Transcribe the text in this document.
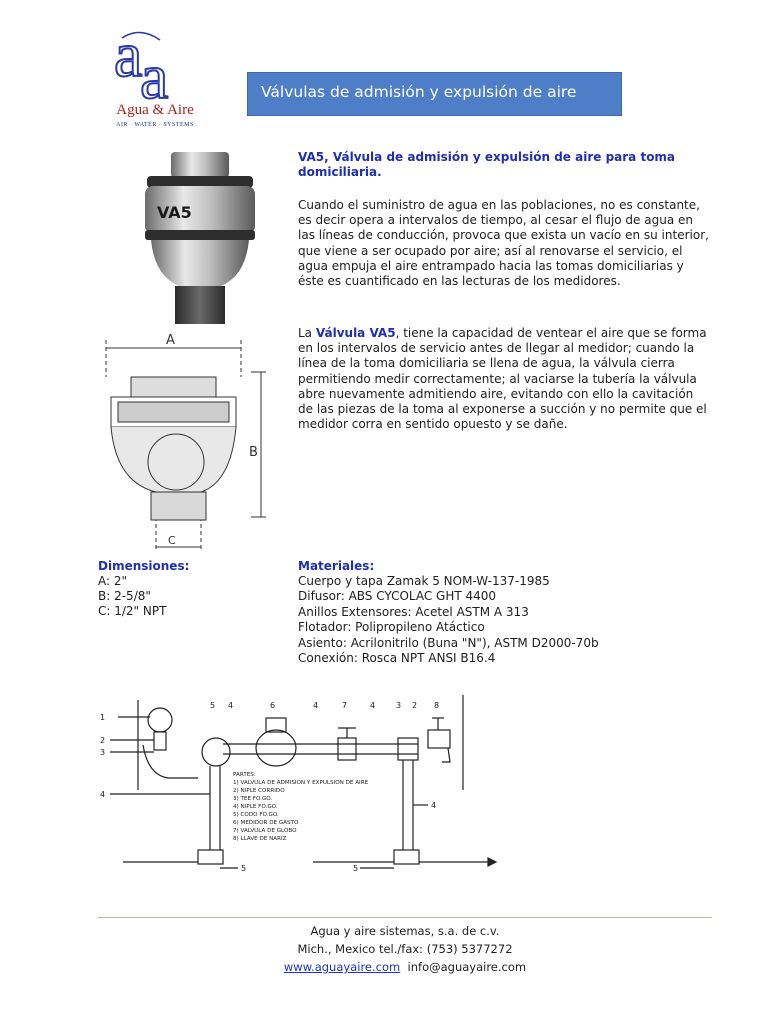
a
a
Agua & Aire
AIR · WATER · SYSTEMS
Válvulas de admisión y expulsión de aire
VA5
A
B
C
VA5, Válvula de admisión y expulsión de aire para toma domiciliaria.
Cuando el suministro de agua en las poblaciones, no es constante, es decir opera a intervalos de tiempo, al cesar el flujo de agua en las líneas de conducción, provoca que exista un vacío en su interior, que viene a ser ocupado por aire; así al renovarse el servicio, el agua empuja el aire entrampado hacia las tomas domiciliarias y éste es cuantificado en las lecturas de los medidores.
La Válvula VA5, tiene la capacidad de ventear el aire que se forma en los intervalos de servicio antes de llegar al medidor; cuando la línea de la toma domiciliaria se llena de agua, la válvula cierra permitiendo medir correctamente; al vaciarse la tubería la válvula abre nuevamente admitiendo aire, evitando con ello la cavitación de las piezas de la toma al exponerse a succión y no permite que el medidor corra en sentido opuesto y se dañe.
Dimensiones:
A: 2"
B: 2-5/8"
C: 1/2" NPT
Materiales:
Cuerpo y tapa Zamak 5 NOM-W-137-1985
Difusor: ABS CYCOLAC GHT 4400
Anillos Extensores: Acetel ASTM A 313
Flotador: Polipropileno Atáctico
Asiento: Acrilonitrilo (Buna "N"), ASTM D2000-70b
Conexión: Rosca NPT ANSI B16.4
1
2
3
4
5 4	6	4	7	4	3 2 8
4
5	5
PARTES:
1) VALVULA DE ADMISION Y EXPULSION DE AIRE
2) NIPLE CORRIDO
3) TEE FO.GO.
4) NIPLE FO.GO.
5) CODO FO.GO.
6) MEDIDOR DE GASTO
7) VALVULA DE GLOBO
8) LLAVE DE NARIZ
Agua y aire sistemas, s.a. de c.v.
Mich., Mexico tel./fax: (753) 5377272
www.aguayaire.com info@aguayaire.com
